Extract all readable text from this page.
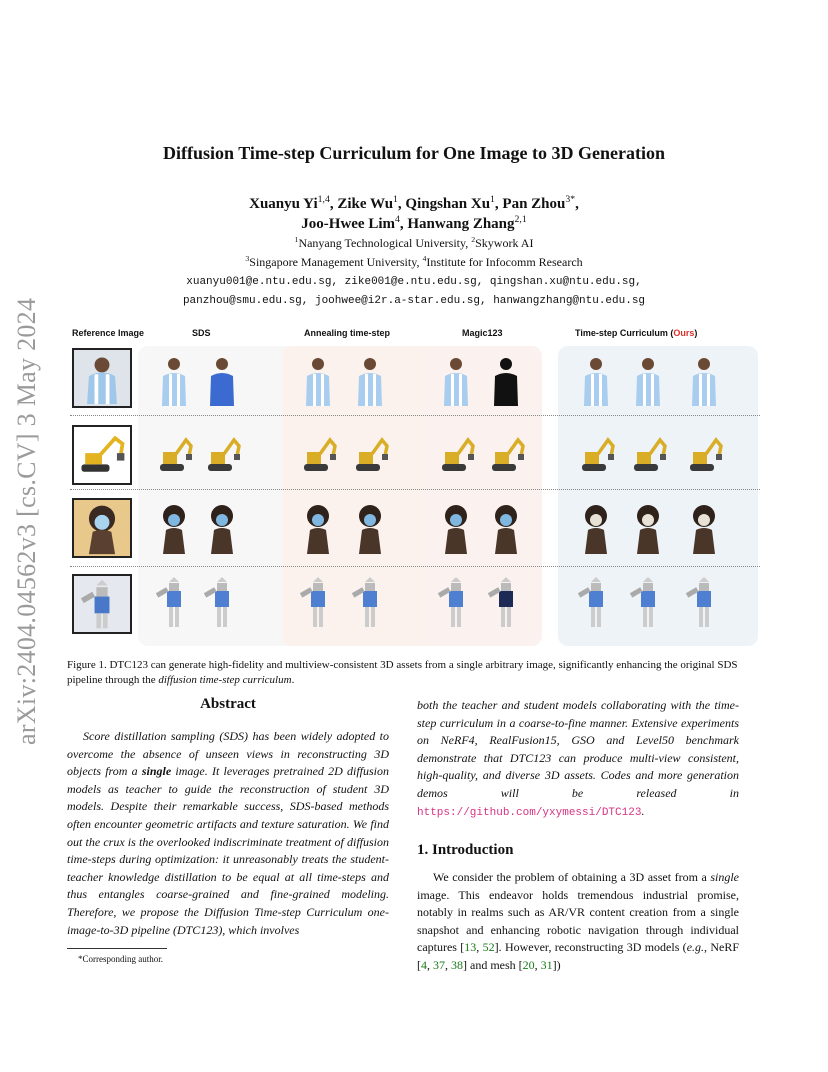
arXiv:2404.04562v3 [cs.CV] 3 May 2024
Diffusion Time-step Curriculum for One Image to 3D Generation
Xuanyu Yi$^{1,4}$, Zike Wu$^1$, Qingshan Xu$^1$, Pan Zhou$^{3*}$,
Joo-Hwee Lim$^4$, Hanwang Zhang$^{2,1}$
$^1$Nanyang Technological University, $^2$Skywork AI
$^3$Singapore Management University, $^4$Institute for Infocomm Research
xuanyu001@e.ntu.edu.sg, zike001@e.ntu.edu.sg, qingshan.xu@ntu.edu.sg,
panzhou@smu.edu.sg, joohwee@i2r.a-star.edu.sg, hanwangzhang@ntu.edu.sg
Reference Image	SDS	Annealing time-step	Magic123	Time-step Curriculum (Ours)
Figure 1. DTC123 can generate high-fidelity and multiview-consistent 3D assets from a single arbitrary image, significantly enhancing the original SDS pipeline through the diffusion time-step curriculum.
Abstract
Score distillation sampling (SDS) has been widely adopted to overcome the absence of unseen views in reconstructing 3D objects from a single image. It leverages pretrained 2D diffusion models as teacher to guide the reconstruction of student 3D models. Despite their remarkable success, SDS-based methods often encounter geometric artifacts and texture saturation. We find out the crux is the overlooked indiscriminate treatment of diffusion time-steps during optimization: it unreasonably treats the student-teacher knowledge distillation to be equal at all time-steps and thus entangles coarse-grained and fine-grained modeling. Therefore, we propose the Diffusion Time-step Curriculum one-image-to-3D pipeline (DTC123), which involves
both the teacher and student models collaborating with the time-step curriculum in a coarse-to-fine manner. Extensive experiments on NeRF4, RealFusion15, GSO and Level50 benchmark demonstrate that DTC123 can produce multi-view consistent, high-quality, and diverse 3D assets. Codes and more generation demos will be released in https://github.com/yxymessi/DTC123.
1. Introduction
We consider the problem of obtaining a 3D asset from a single image. This endeavor holds tremendous industrial promise, notably in realms such as AR/VR content creation from a single snapshot and enhancing robotic navigation through individual captures [13, 52]. However, reconstructing 3D models (e.g., NeRF [4, 37, 38] and mesh [20, 31])
*Corresponding author.
